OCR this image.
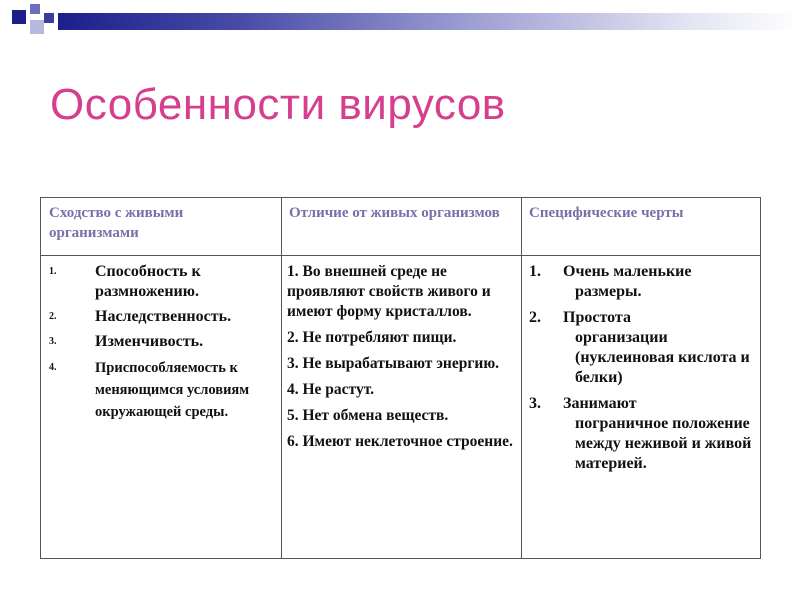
Особенности вирусов
Сходство с живыми организмами
Отличие от живых организмов	Специфические черты
1. Способность к размножению.
2. Наследственность.
3. Изменчивость.
4.	Приспособляемость к меняющимся условиям окружающей среды.
1. Во внешней среде не проявляют свойств живого и имеют форму кристаллов.
2. Не потребляют пищи.
3. Не вырабатывают энергию.
4. Не растут.
5. Нет обмена веществ.
6. Имеют неклеточное строение.
1. Очень маленькие
размеры.
2. Простота
организации (нуклеиновая кислота и белки)
3. Занимают
пограничное положение между неживой и живой материей.
